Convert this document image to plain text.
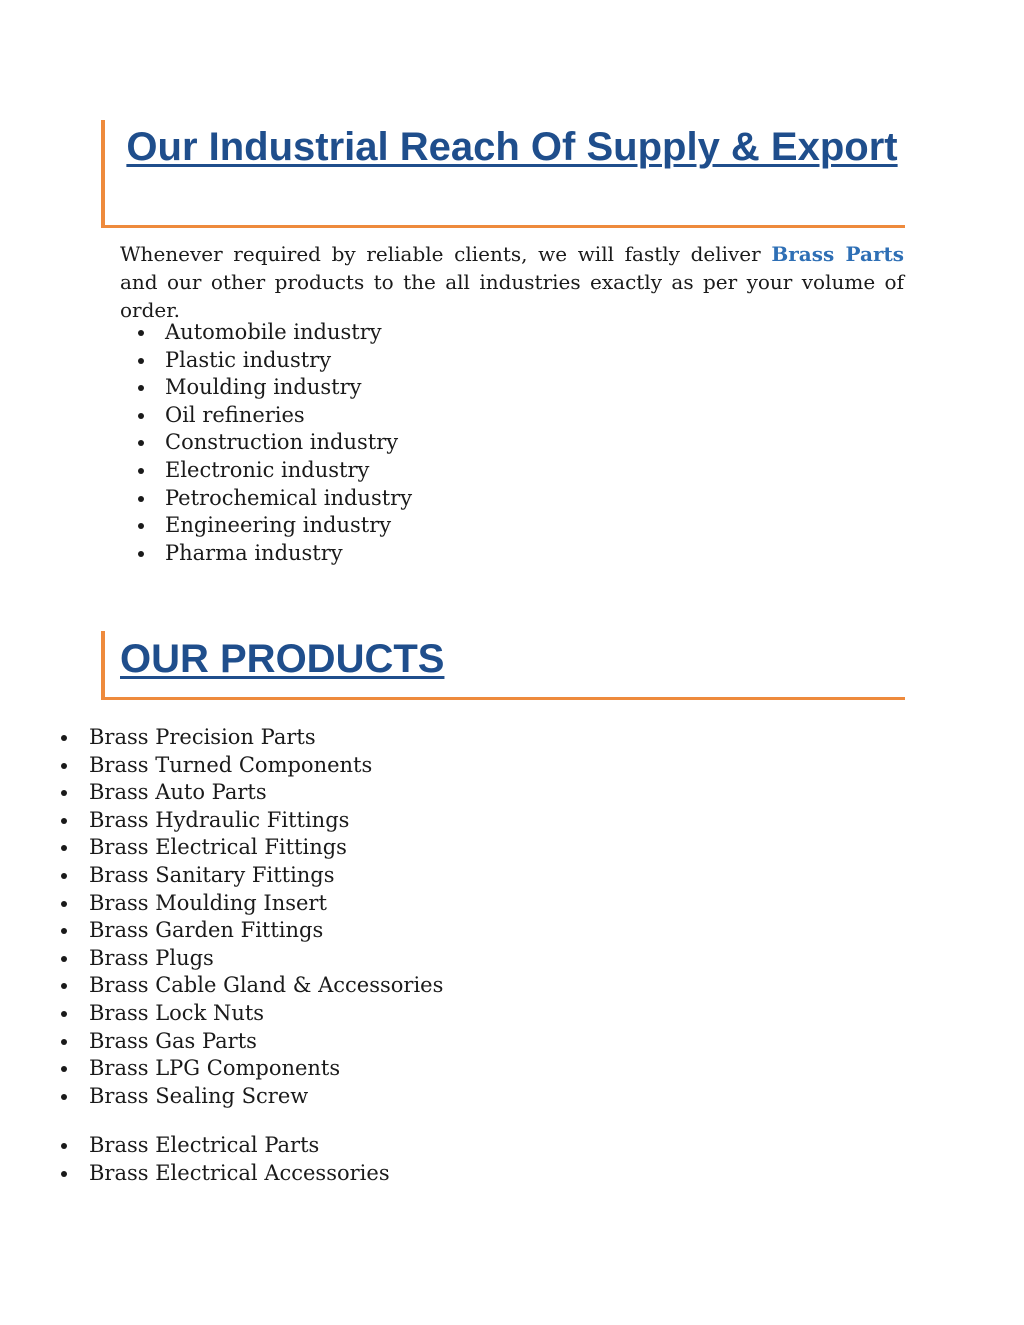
Our Industrial Reach Of Supply & Export

Whenever required by reliable clients, we will fastly deliver Brass Parts and our other products to the all industries exactly as per your volume of order.

Automobile industry
Plastic industry
Moulding industry
Oil refineries
Construction industry
Electronic industry
Petrochemical industry
Engineering industry
Pharma industry
OUR PRODUCTS
Brass Precision Parts
Brass Turned Components
Brass Auto Parts
Brass Hydraulic Fittings
Brass Electrical Fittings
Brass Sanitary Fittings
Brass Moulding Insert
Brass Garden Fittings
Brass Plugs
Brass Cable Gland & Accessories
Brass Lock Nuts
Brass Gas Parts
Brass LPG Components
Brass Sealing Screw
Brass Electrical Parts
Brass Electrical Accessories
